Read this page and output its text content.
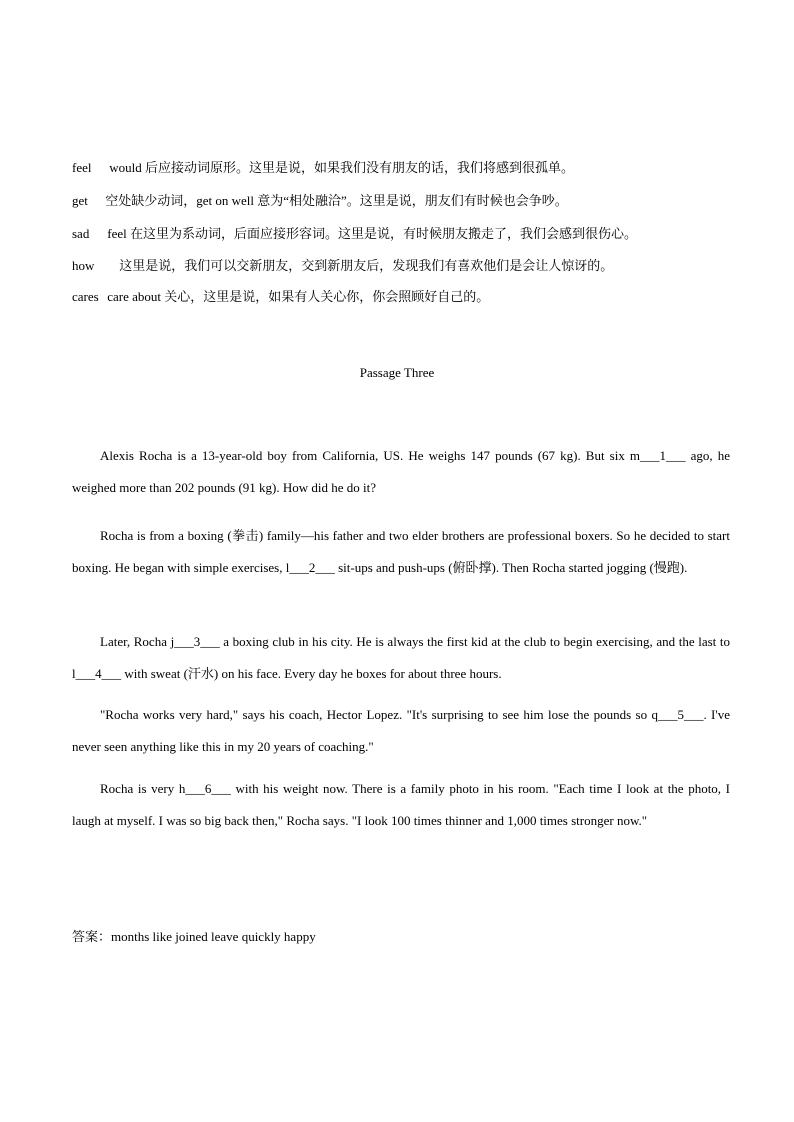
feel would 后应接动词原形。这里是说，如果我们没有朋友的话，我们将感到很孤单。
get 空处缺少动词，get on well 意为“相处融洽”。这里是说，朋友们有时候也会争吵。
sad feel 在这里为系动词，后面应接形容词。这里是说，有时候朋友搬走了，我们会感到很伤心。
how 这里是说，我们可以交新朋友，交到新朋友后，发现我们有喜欢他们是会让人惊讶的。
cares care about 关心，这里是说，如果有人关心你，你会照顾好自己的。
Passage Three

Alexis Rocha is a 13-year-old boy from California, US. He weighs 147 pounds (67 kg). But six m___1___ ago, he weighed more than 202 pounds (91 kg). How did he do it?

Rocha is from a boxing (拳击) family—his father and two elder brothers are professional boxers. So he decided to start boxing. He began with simple exercises, l___2___ sit-ups and push-ups (俯卧撑). Then Rocha started jogging (慢跑).

Later, Rocha j___3___ a boxing club in his city. He is always the first kid at the club to begin exercising, and the last to l___4___ with sweat (汗水) on his face. Every day he boxes for about three hours.

"Rocha works very hard," says his coach, Hector Lopez. "It's surprising to see him lose the pounds so q___5___. I've never seen anything like this in my 20 years of coaching."

Rocha is very h___6___ with his weight now. There is a family photo in his room. "Each time I look at the photo, I laugh at myself. I was so big back then," Rocha says. "I look 100 times thinner and 1,000 times stronger now."

答案：months like joined leave quickly happy
